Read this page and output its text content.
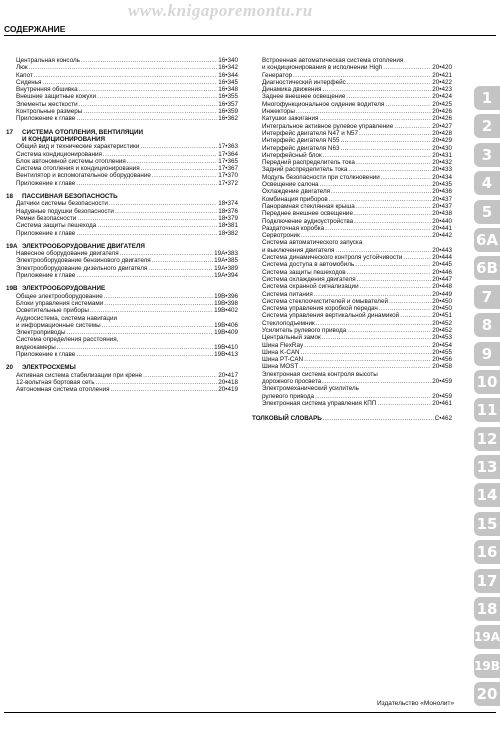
www.knigaporemontu.ru
СОДЕРЖАНИЕ
Центральная консоль .....	16•340
Люк .....	16•342
Капот .....	16•344
Сиденья .....	16•345
Внутренняя обшивка .....	16•348
Внешние защитные кожухи .....	16•355
Элементы жесткости .....	16•357
Контрольные размеры .....	16•359
Приложение к главе .....	16•362
17	СИСТЕМА ОТОПЛЕНИЯ, ВЕНТИЛЯЦИИ
И КОНДИЦИОНИРОВАНИЯ
Общий вид и технические характеристики .....	17•363
Система кондиционирования .....	17•364
Блок автономной системы отопления .....	17•365
Система отопления и кондиционирования .....	17•367
Вентилятор и вспомогательное оборудование .....	17•370
Приложение к главе .....	17•372
18	ПАССИВНАЯ БЕЗОПАСНОСТЬ
Датчики системы безопасности .....	18•374
Надувные подушки безопасности .....	18•376
Ремни безопасности .....	18•379
Система защиты пешехода .....	18•381
Приложение к главе .....	18•382
19A ЭЛЕКТРООБОРУДОВАНИЕ ДВИГАТЕЛЯ
Навесное оборудование двигателя .....	19A•383
Электрооборудование бензинового двигателя .....	19A•385
Электрооборудование дизельного двигателя .....	19A•389
Приложение к главе .....	19A•394
19B ЭЛЕКТРООБОРУДОВАНИЕ
Общее электрооборудование .....	19B•396
Блоки управления системами .....	19B•398
Осветительные приборы .....	19B•402
Аудиосистема, система навигации
и информационные системы .....	19B•406
Электроприводы .....	19B•409
Система определения расстояния,
видеокамеры .....	19B•410
Приложение к главе .....	19B•413
20	ЭЛЕКТРОСХЕМЫ
Активная система стабилизации при крене .....	20•417
12-вольтная бортовая сеть .....	20•418
Автономная система отопления .....	20•419
Встроенная автоматическая система отопления
и кондиционирования в исполнении High .....	20•420
Генератор .....	20•421
Диагностический интерфейс .....	20•422
Динамика движения .....	20•423
Заднее внешнее освещение .....	20•424
Многофункциональное сидение водителя .....	20•425
Инжекторы .....	20•426
Катушки зажигания .....	20•426
Интегральное активное рулевое управление .....	20•427
Интерфейс двигателя N47 и N57 .....	20•428
Интерфейс двигателя N55 .....	20•429
Интерфейс двигателя N63 .....	20•430
Интерфейсный блок .....	20•431
Передний распределитель тока .....	20•432
Задний распределитель тока .....	20•433
Модуль безопасности при столкновении .....	20•434
Освещение салона .....	20•435
Охлаждение двигателя .....	20•436
Комбинация приборов .....	20•437
Панорамная стеклянная крыша .....	20•437
Переднее внешнее освещение .....	20•438
Подключение аудиоустройства .....	20•440
Раздаточная коробка .....	20•441
Сервотроник .....	20•442
Система автоматического запуска
и выключения двигателя .....	20•443
Система динамического контроля устойчивости .....	20•444
Система доступа в автомобиль .....	20•445
Система защиты пешеходов .....	20•446
Система охлаждения двигателя .....	20•447
Система охранной сигнализации .....	20•448
Система питания .....	20•449
Система стеклоочистителей и омывателей .....	20•450
Система управления коробкой передач .....	20•450
Система управления вертикальной динамикой .....	20•451
Стеклоподъемник .....	20•452
Усилитель рулевого привода .....	20•452
Центральный замок .....	20•453
Шина FlexRay .....	20•454
Шина K-CAN .....	20•455
Шина PT-CAN .....	20•456
Шина MOST .....	20•458
Электронная система контроля высоты
дорожного просвета .....	20•459
Электромеханический усилитель
рулевого привода .....	20•459
Электронная система управления КПП .....	20•461
ТОЛКОВЫЙ СЛОВАРЬ .....	С•462
1
2
3
4
5
6A
6B
7
8
9
10
11
12
13
14
15
16
17
18
19A
19B
20
Издательство «Монолит»
